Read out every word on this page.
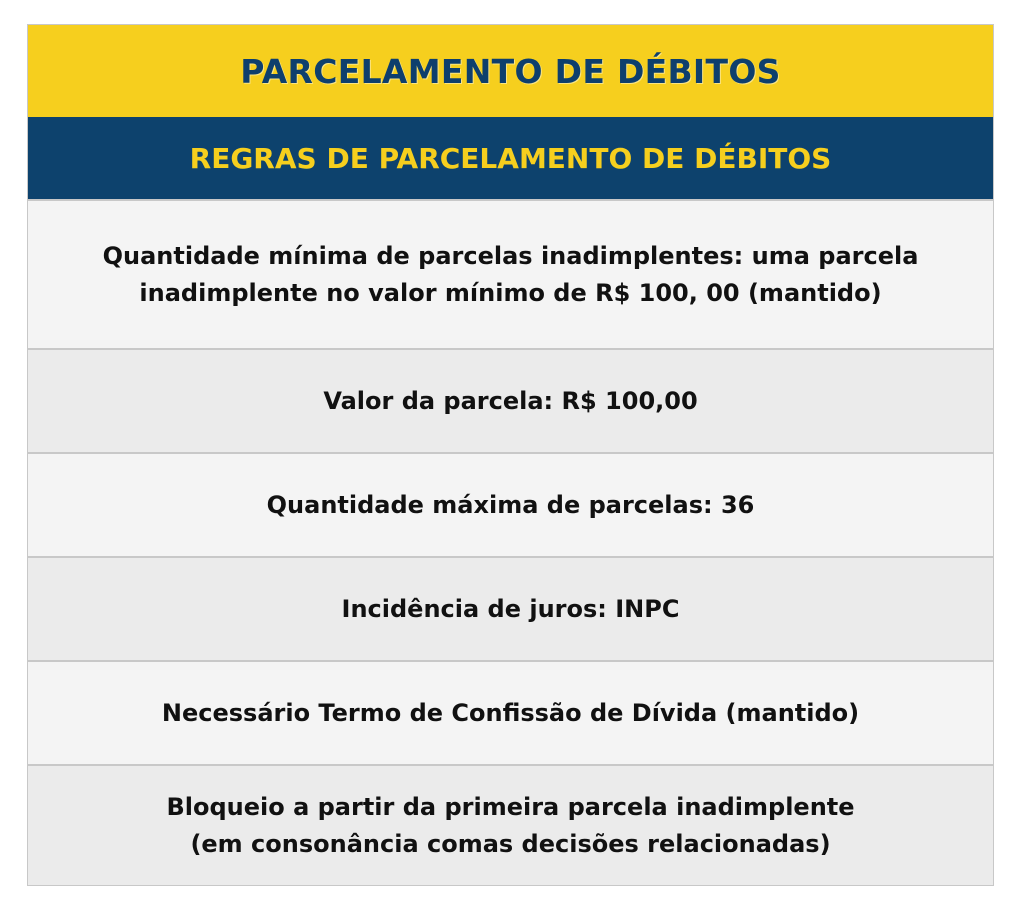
PARCELAMENTO DE DÉBITOS
REGRAS DE PARCELAMENTO DE DÉBITOS
Quantidade mínima de parcelas inadimplentes: uma parcela
inadimplente no valor mínimo de R$ 100, 00 (mantido)
Valor da parcela: R$ 100,00
Quantidade máxima de parcelas: 36
Incidência de juros: INPC
Necessário Termo de Confissão de Dívida (mantido)
Bloqueio a partir da primeira parcela inadimplente
(em consonância comas decisões relacionadas)
